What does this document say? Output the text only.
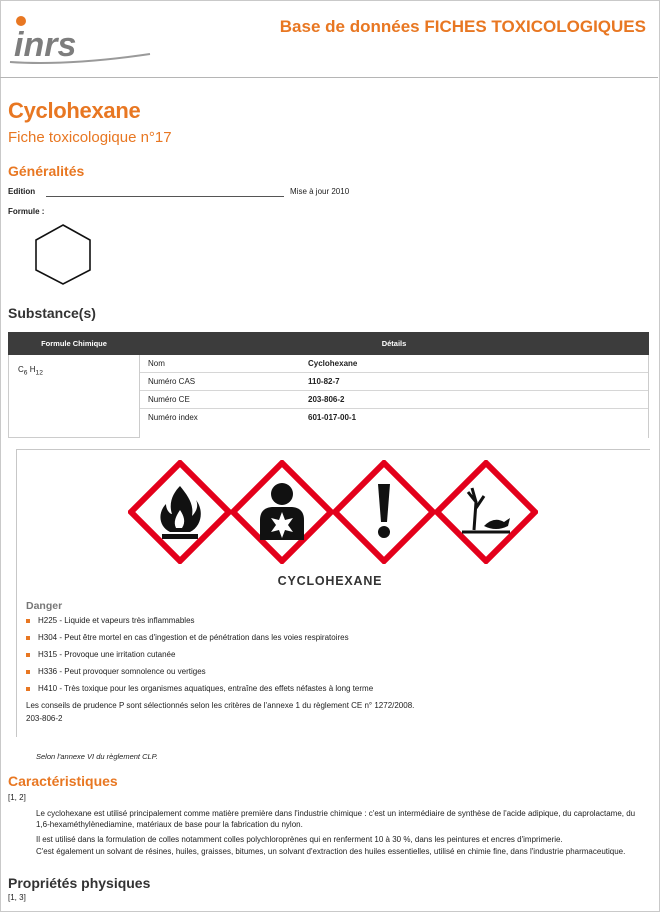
inrs	Base de données FICHES TOXICOLOGIQUES
Cyclohexane
Fiche toxicologique n°17
Généralités
Edition	Mise à jour 2010
Formule :
Substance(s)
Formule Chimique	Détails
$C_6$ $H_{12}$	
Nom	Cyclohexane
Numéro CAS	110-82-7
Numéro CE	203-806-2
Numéro index	601-017-00-1
CYCLOHEXANE
Danger
H225 - Liquide et vapeurs très inflammables
H304 - Peut être mortel en cas d'ingestion et de pénétration dans les voies respiratoires
H315 - Provoque une irritation cutanée
H336 - Peut provoquer somnolence ou vertiges
H410 - Très toxique pour les organismes aquatiques, entraîne des effets néfastes à long terme
Les conseils de prudence P sont sélectionnés selon les critères de l'annexe 1 du règlement CE n° 1272/2008.
203-806-2
Selon l'annexe VI du règlement CLP.
Caractéristiques
[1, 2]
Le cyclohexane est utilisé principalement comme matière première dans l'industrie chimique : c'est un intermédiaire de synthèse de l'acide adipique, du caprolactame, du 1,6-hexaméthylènediamine, matériaux de base pour la fabrication du nylon.
Il est utilisé dans la formulation de colles notamment colles polychloroprènes qui en renferment 10 à 30 %, dans les peintures et encres d'imprimerie.
C'est également un solvant de résines, huiles, graisses, bitumes, un solvant d'extraction des huiles essentielles, utilisé en chimie fine, dans l'industrie pharmaceutique.
Propriétés physiques
[1, 3]
